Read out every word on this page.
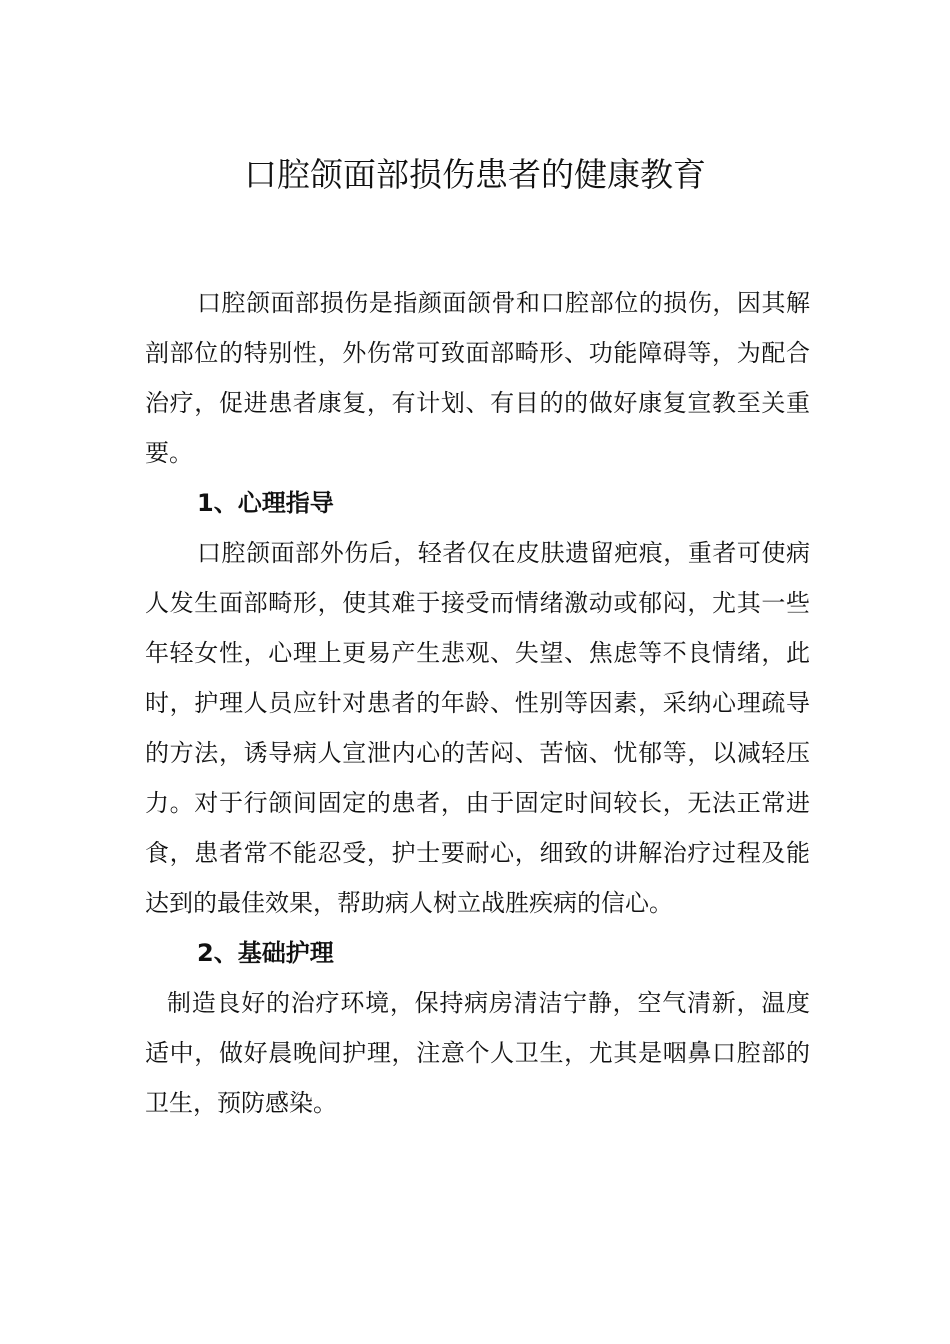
口腔颌面部损伤患者的健康教育

口腔颌面部损伤是指颜面颌骨和口腔部位的损伤，因其解剖部位的特别性，外伤常可致面部畸形、功能障碍等，为配合治疗，促进患者康复，有计划、有目的的做好康复宣教至关重要。

1、心理指导

口腔颌面部外伤后，轻者仅在皮肤遗留疤痕，重者可使病人发生面部畸形，使其难于接受而情绪激动或郁闷，尤其一些年轻女性，心理上更易产生悲观、失望、焦虑等不良情绪，此时，护理人员应针对患者的年龄、性别等因素，采纳心理疏导的方法，诱导病人宣泄内心的苦闷、苦恼、忧郁等，以减轻压力。对于行颌间固定的患者，由于固定时间较长，无法正常进食，患者常不能忍受，护士要耐心，细致的讲解治疗过程及能达到的最佳效果，帮助病人树立战胜疾病的信心。

2、基础护理

制造良好的治疗环境，保持病房清洁宁静，空气清新，温度适中，做好晨晚间护理，注意个人卫生，尤其是咽鼻口腔部的卫生，预防感染。
